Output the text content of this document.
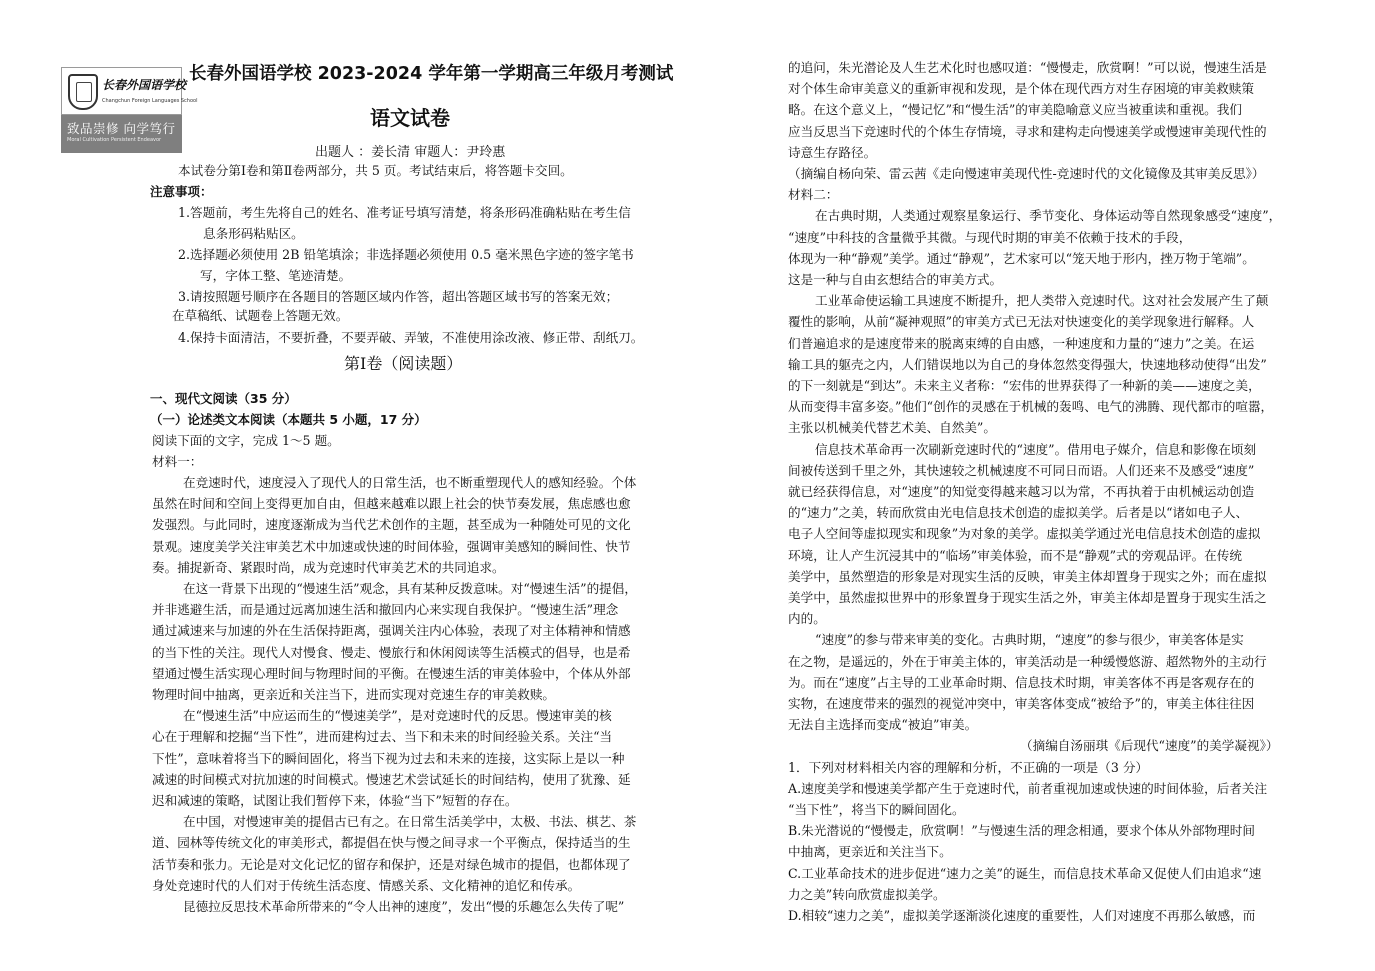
长春外国语学校
Changchun Foreign Languages School
致品崇修 向学笃行
Moral Cultivation Persistent Endeavor
长春外国语学校 2023-2024 学年第一学期高三年级月考测试
语文试卷
出题人 ：姜长清 审题人：尹玲惠
本试卷分第Ⅰ卷和第Ⅱ卷两部分，共 5 页。考试结束后，将答题卡交回。
注意事项：
1.答题前，考生先将自己的姓名、准考证号填写清楚，将条形码准确粘贴在考生信
息条形码粘贴区。
2.选择题必须使用 2B 铅笔填涂；非选择题必须使用 0.5 毫米黑色字迹的签字笔书
写，字体工整、笔迹清楚。
3.请按照题号顺序在各题目的答题区域内作答，超出答题区域书写的答案无效；
在草稿纸、试题卷上答题无效。
4.保持卡面清洁，不要折叠，不要弄破、弄皱，不准使用涂改液、修正带、刮纸刀。
第Ⅰ卷（阅读题）
一、现代文阅读（35 分）
（一）论述类文本阅读（本题共 5 小题，17 分）
阅读下面的文字，完成 1～5 题。
材料一：
在竞速时代，速度浸入了现代人的日常生活，也不断重塑现代人的感知经验。个体
虽然在时间和空间上变得更加自由，但越来越难以跟上社会的快节奏发展，焦虑感也愈
发强烈。与此同时，速度逐渐成为当代艺术创作的主题，甚至成为一种随处可见的文化
景观。速度美学关注审美艺术中加速或快速的时间体验，强调审美感知的瞬间性、快节
奏。捕捉新奇、紧跟时尚，成为竞速时代审美艺术的共同追求。
在这一背景下出现的“慢速生活”观念，具有某种反拨意味。对“慢速生活”的提倡，
并非逃避生活，而是通过远离加速生活和撤回内心来实现自我保护。“慢速生活”理念
通过减速来与加速的外在生活保持距离，强调关注内心体验，表现了对主体精神和情感
的当下性的关注。现代人对慢食、慢走、慢旅行和休闲阅读等生活模式的倡导，也是希
望通过慢生活实现心理时间与物理时间的平衡。在慢速生活的审美体验中，个体从外部
物理时间中抽离，更亲近和关注当下，进而实现对竞速生存的审美救赎。
在“慢速生活”中应运而生的“慢速美学”，是对竞速时代的反思。慢速审美的核
心在于理解和挖掘“当下性”，进而建构过去、当下和未来的时间经验关系。关注“当
下性”，意味着将当下的瞬间固化，将当下视为过去和未来的连接，这实际上是以一种
减速的时间模式对抗加速的时间模式。慢速艺术尝试延长的时间结构，使用了犹豫、延
迟和减速的策略，试图让我们暂停下来，体验“当下”短暂的存在。
在中国，对慢速审美的提倡古已有之。在日常生活美学中，太极、书法、棋艺、茶
道、园林等传统文化的审美形式，都提倡在快与慢之间寻求一个平衡点，保持适当的生
活节奏和张力。无论是对文化记忆的留存和保护，还是对绿色城市的提倡，也都体现了
身处竞速时代的人们对于传统生活态度、情感关系、文化精神的追忆和传承。
昆德拉反思技术革命所带来的“令人出神的速度”，发出“慢的乐趣怎么失传了呢”
的追问，朱光潜论及人生艺术化时也感叹道：“慢慢走，欣赏啊！”可以说，慢速生活是
对个体生命审美意义的重新审视和发现，是个体在现代西方对生存困境的审美救赎策
略。在这个意义上，“慢记忆”和“慢生活”的审美隐喻意义应当被重读和重视。我们
应当反思当下竞速时代的个体生存情境，寻求和建构走向慢速美学或慢速审美现代性的
诗意生存路径。
（摘编自杨向荣、雷云茜《走向慢速审美现代性-竞速时代的文化镜像及其审美反思》）
材料二：
在古典时期，人类通过观察星象运行、季节变化、身体运动等自然现象感受“速度”，
“速度”中科技的含量微乎其微。与现代时期的审美不依赖于技术的手段，
体现为一种“静观”美学。通过“静观”，艺术家可以“笼天地于形内，挫万物于笔端”。
这是一种与自由玄想结合的审美方式。
工业革命使运输工具速度不断提升，把人类带入竞速时代。这对社会发展产生了颠
覆性的影响，从前“凝神观照”的审美方式已无法对快速变化的美学现象进行解释。人
们普遍追求的是速度带来的脱离束缚的自由感，一种速度和力量的“速力”之美。在运
输工具的躯壳之内，人们错误地以为自己的身体忽然变得强大，快速地移动使得“出发”
的下一刻就是“到达”。未来主义者称：“宏伟的世界获得了一种新的美——速度之美，
从而变得丰富多姿。”他们“创作的灵感在于机械的轰鸣、电气的沸腾、现代都市的喧嚣，
主张以机械美代替艺术美、自然美”。
信息技术革命再一次刷新竞速时代的“速度”。借用电子媒介，信息和影像在顷刻
间被传送到千里之外，其快速较之机械速度不可同日而语。人们还来不及感受“速度”
就已经获得信息，对“速度”的知觉变得越来越习以为常，不再执着于由机械运动创造
的“速力”之美，转而欣赏由光电信息技术创造的虚拟美学。后者是以“诸如电子人、
电子人空间等虚拟现实和现象”为对象的美学。虚拟美学通过光电信息技术创造的虚拟
环境，让人产生沉浸其中的“临场”审美体验，而不是“静观”式的旁观品评。在传统
美学中，虽然塑造的形象是对现实生活的反映，审美主体却置身于现实之外；而在虚拟
美学中，虽然虚拟世界中的形象置身于现实生活之外，审美主体却是置身于现实生活之
内的。
“速度”的参与带来审美的变化。古典时期，“速度”的参与很少，审美客体是实
在之物，是遥远的，外在于审美主体的，审美活动是一种缓慢悠游、超然物外的主动行
为。而在“速度”占主导的工业革命时期、信息技术时期，审美客体不再是客观存在的
实物，在速度带来的强烈的视觉冲突中，审美客体变成“被给予”的，审美主体往往因
无法自主选择而变成“被迫”审美。
（摘编自汤丽琪《后现代“速度”的美学凝视》）
1．下列对材料相关内容的理解和分析，不正确的一项是（3 分）
A.速度美学和慢速美学都产生于竞速时代，前者重视加速或快速的时间体验，后者关注
“当下性”，将当下的瞬间固化。
B.朱光潜说的“慢慢走，欣赏啊！”与慢速生活的理念相通，要求个体从外部物理时间
中抽离，更亲近和关注当下。
C.工业革命技术的进步促进“速力之美”的诞生，而信息技术革命又促使人们由追求“速
力之美”转向欣赏虚拟美学。
D.相较“速力之美”，虚拟美学逐渐淡化速度的重要性，人们对速度不再那么敏感，而
